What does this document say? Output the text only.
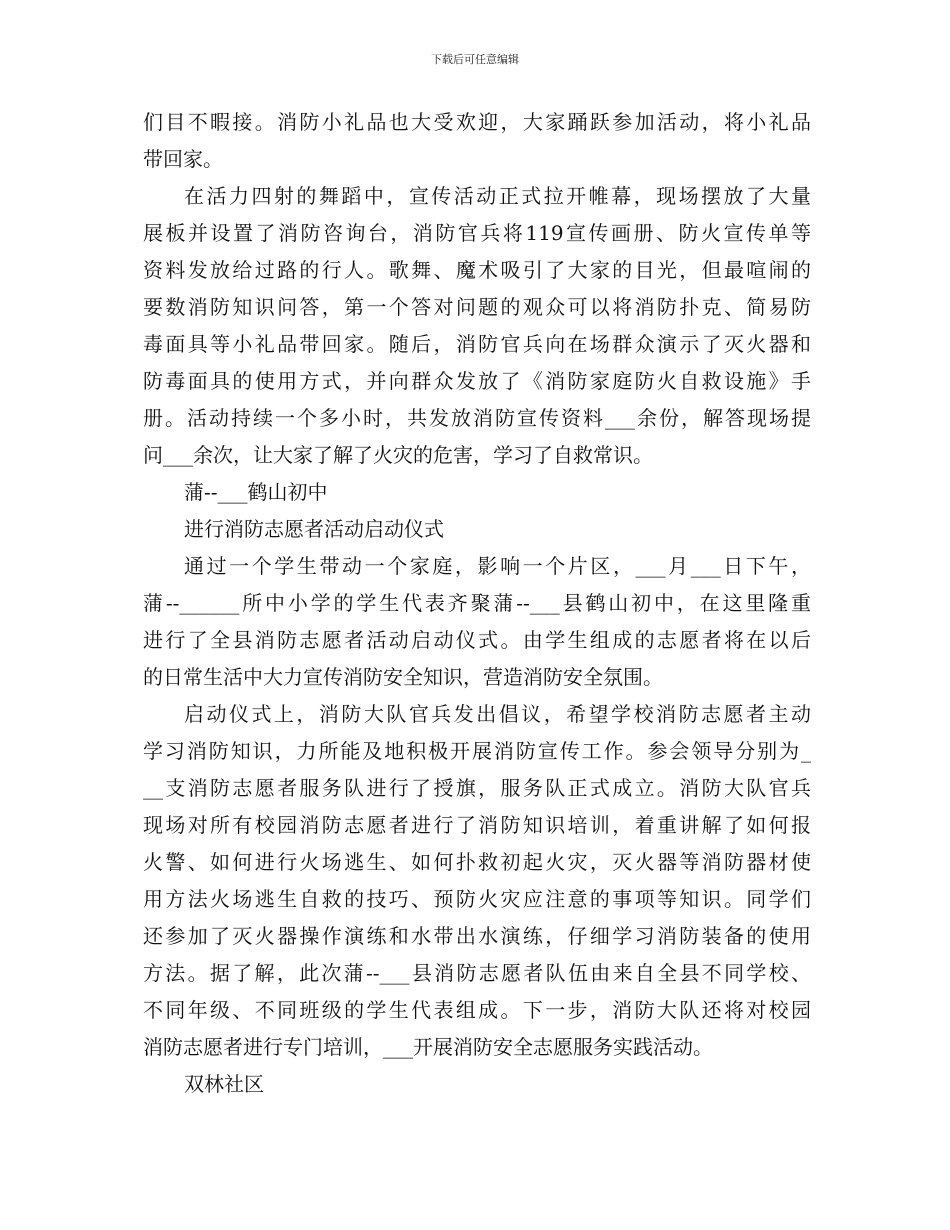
下载后可任意编辑
们目不暇接。消防小礼品也大受欢迎，大家踊跃参加活动，将小礼品
带回家。
在活力四射的舞蹈中，宣传活动正式拉开帷幕，现场摆放了大量
展板并设置了消防咨询台，消防官兵将119宣传画册、防火宣传单等
资料发放给过路的行人。歌舞、魔术吸引了大家的目光，但最喧闹的
要数消防知识问答，第一个答对问题的观众可以将消防扑克、简易防
毒面具等小礼品带回家。随后，消防官兵向在场群众演示了灭火器和
防毒面具的使用方式，并向群众发放了《消防家庭防火自救设施》手
册。活动持续一个多小时，共发放消防宣传资料___余份，解答现场提
问___余次，让大家了解了火灾的危害，学习了自救常识。
蒲--___鹤山初中
进行消防志愿者活动启动仪式
通过一个学生带动一个家庭，影响一个片区，___月___日下午，
蒲--______所中小学的学生代表齐聚蒲--___县鹤山初中，在这里隆重
进行了全县消防志愿者活动启动仪式。由学生组成的志愿者将在以后
的日常生活中大力宣传消防安全知识，营造消防安全氛围。
启动仪式上，消防大队官兵发出倡议，希望学校消防志愿者主动
学习消防知识，力所能及地积极开展消防宣传工作。参会领导分别为_
__支消防志愿者服务队进行了授旗，服务队正式成立。消防大队官兵
现场对所有校园消防志愿者进行了消防知识培训，着重讲解了如何报
火警、如何进行火场逃生、如何扑救初起火灾，灭火器等消防器材使
用方法火场逃生自救的技巧、预防火灾应注意的事项等知识。同学们
还参加了灭火器操作演练和水带出水演练，仔细学习消防装备的使用
方法。据了解，此次蒲--___县消防志愿者队伍由来自全县不同学校、
不同年级、不同班级的学生代表组成。下一步，消防大队还将对校园
消防志愿者进行专门培训，___开展消防安全志愿服务实践活动。
双林社区
